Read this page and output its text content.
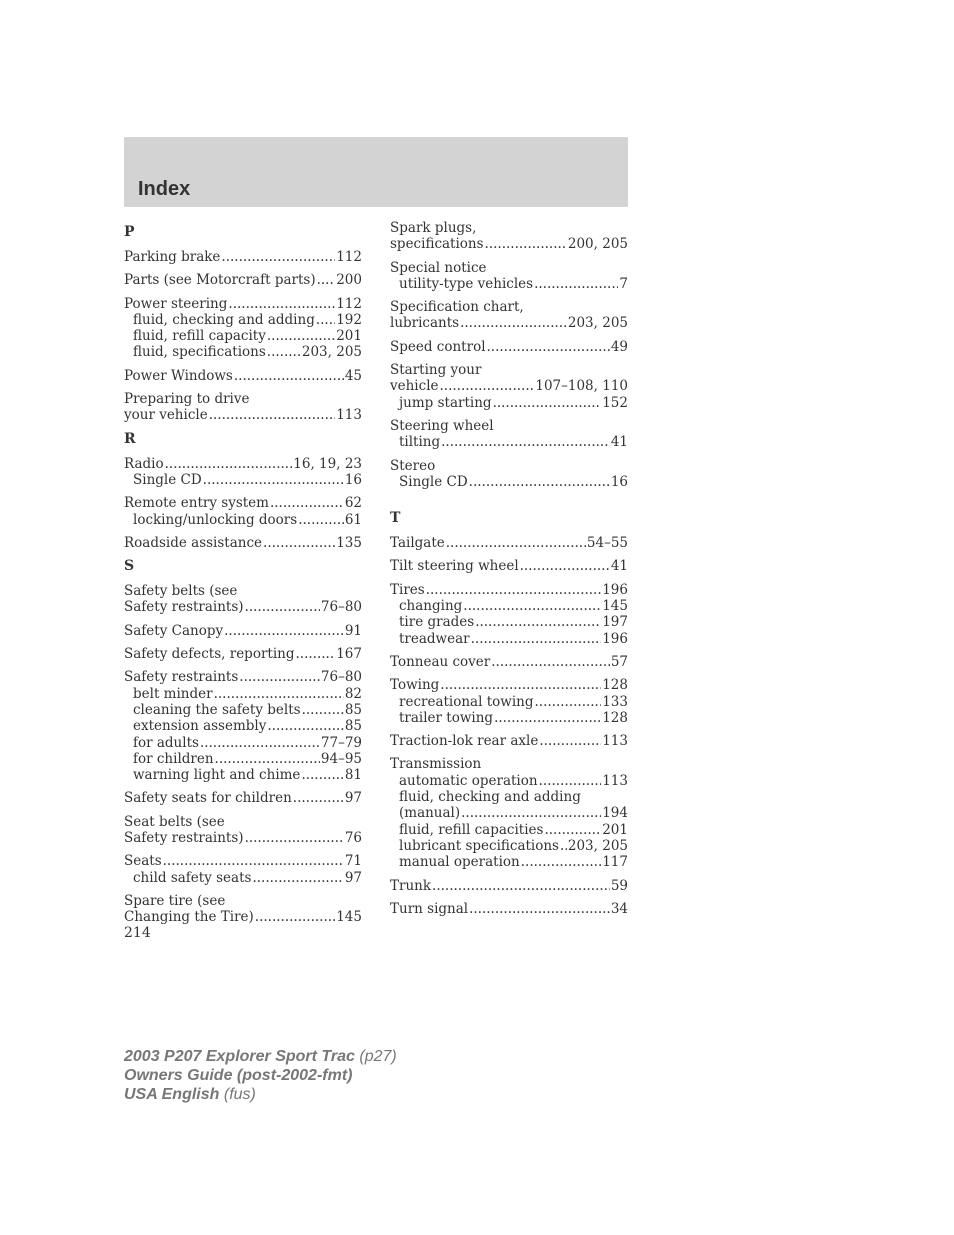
Index
P
Parking brake .....	112
Parts (see Motorcraft parts) ..... 200
Power steering .....	112
fluid, checking and adding ..... 192
fluid, refill capacity .....	201
fluid, specifications .....	203, 205
Power Windows .....	45
Preparing to drive
your vehicle .....	113
R
Radio .....	16, 19, 23
Single CD .....	16
Remote entry system .....	62
locking/unlocking doors .....	61
Roadside assistance .....	135
S
Safety belts (see
Safety restraints) .....	76–80
Safety Canopy .....	91
Safety defects, reporting .....	167
Safety restraints .....	76–80
belt minder .....	82
cleaning the safety belts .....	85
extension assembly .....	85
for adults .....	77–79
for children .....	94–95
warning light and chime .....	81
Safety seats for children .....	97
Seat belts (see
Safety restraints) .....	76
Seats .....	71
child safety seats .....	97
Spare tire (see
Changing the Tire) .....	145
Spark plugs,
specifications .....	200, 205
Special notice
utility-type vehicles .....	7
Specification chart,
lubricants .....	203, 205
Speed control .....	49
Starting your
vehicle .....	107–108, 110
jump starting .....	152
Steering wheel
tilting .....	41
Stereo
Single CD .....	16
T
Tailgate .....	54–55
Tilt steering wheel .....	41
Tires .....	196
changing .....	145
tire grades .....	197
treadwear .....	196
Tonneau cover .....	57
Towing .....	128
recreational towing .....	133
trailer towing .....	128
Traction-lok rear axle .....	113
Transmission
automatic operation .....	113
fluid, checking and adding
(manual) .....	194
fluid, refill capacities .....	201
lubricant specifications ..... 203, 205
manual operation .....	117
Trunk .....	59
Turn signal .....	34
214
2003 P207 Explorer Sport Trac (p27)
Owners Guide (post-2002-fmt)
USA English (fus)
